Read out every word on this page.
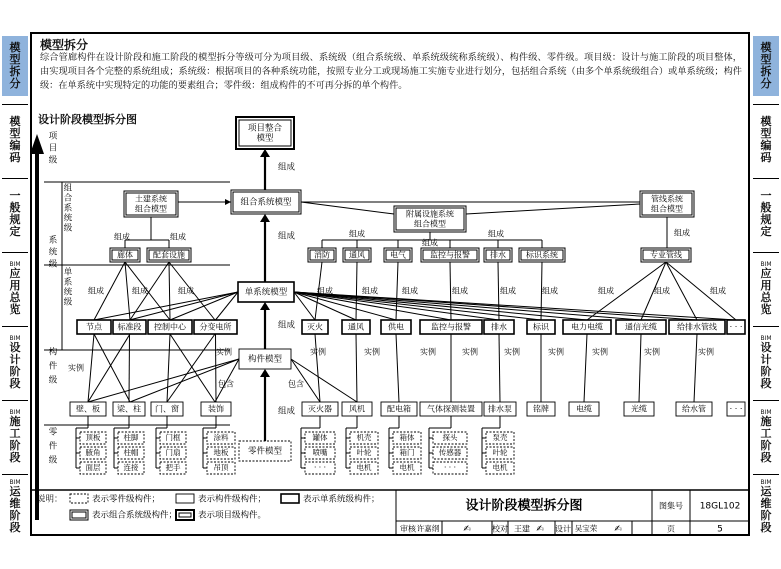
模
型
拆
分
模
型
编
码
一
般
规
定
BIM
应
用
总
览
BIM
设
计
阶
段
BIM
施
工
阶
段
BIM
运
维
阶
段
模
型
拆
分
模
型
编
码
一
般
规
定
BIM
应
用
总
览
BIM
设
计
阶
段
BIM
施
工
阶
段
BIM
运
维
阶
段
模型拆分
综合管廊构件在设计阶段和施工阶段的模型拆分等级可分为项目级、系统级（组合系统级、单系统级统称系统级）、构件级、零件级。项目级：设计与施工阶段的项目整体，由实现项目各个完整的系统组成；系统级：根据项目的各种系统功能，按照专业分工或现场施工实施专业进行划分，包括组合系统（由多个单系统级组合）或单系统级；构件级：在单系统中实现特定的功能的要素组合；零件级：组成构件的不可再分拆的单个构件。
设计阶段模型拆分图
项目整合
模型
组合系统模型
土建系统
组合模型
附属设施系统
组合模型
管线系统
组合模型
廊体	配套设施	消防 通风	电气	监控与报警	排水	标识系统	专业管线
单系统模型
节点 标准段 控制中心 分变电所	灭火	通风	供电	监控与报警	排水	标识	电力电缆	通信光缆	给排水管线 · · ·
构件模型
壁、板 梁、柱 门、窗	装饰	灭火器 风机	配电箱 气体探测装置 排水泵	铭牌	电缆	光缆	给水管	· · ·
零件模型
顶板
腋角
面层
柱脚
柱帽
连接
门框
门扇
把手
涂料
地板
吊顶
罐体
喷嘴
· · ·
机壳
叶轮
电机
箱体
箱门
电机
探头
传感器
· · ·
泵壳
叶轮
电机
项
目
级
组
合
系
统
级
系
统
级
单
系
统
级
构
件
级
零
件
级
组成
组成
组成
组成
组成	组成	组成
组成
组成	组成
组成	组成	组成	组成	组成	组成	组成	组成	组成	组成	组成	组成
实例
实例	实例	实例	实例	实例	实例	实例	实例	实例	实例
包含	包含
说明：	表示零件级构件；	表示构件级构件；	表示单系统级构件；
表示组合系统级构件； 表示项目级构件。
设计阶段模型拆分图	图集号 18GL102
审核 许嘉纲	✍	校对 王建 ✍ 设计 吴宝荣 ✍	页	5
